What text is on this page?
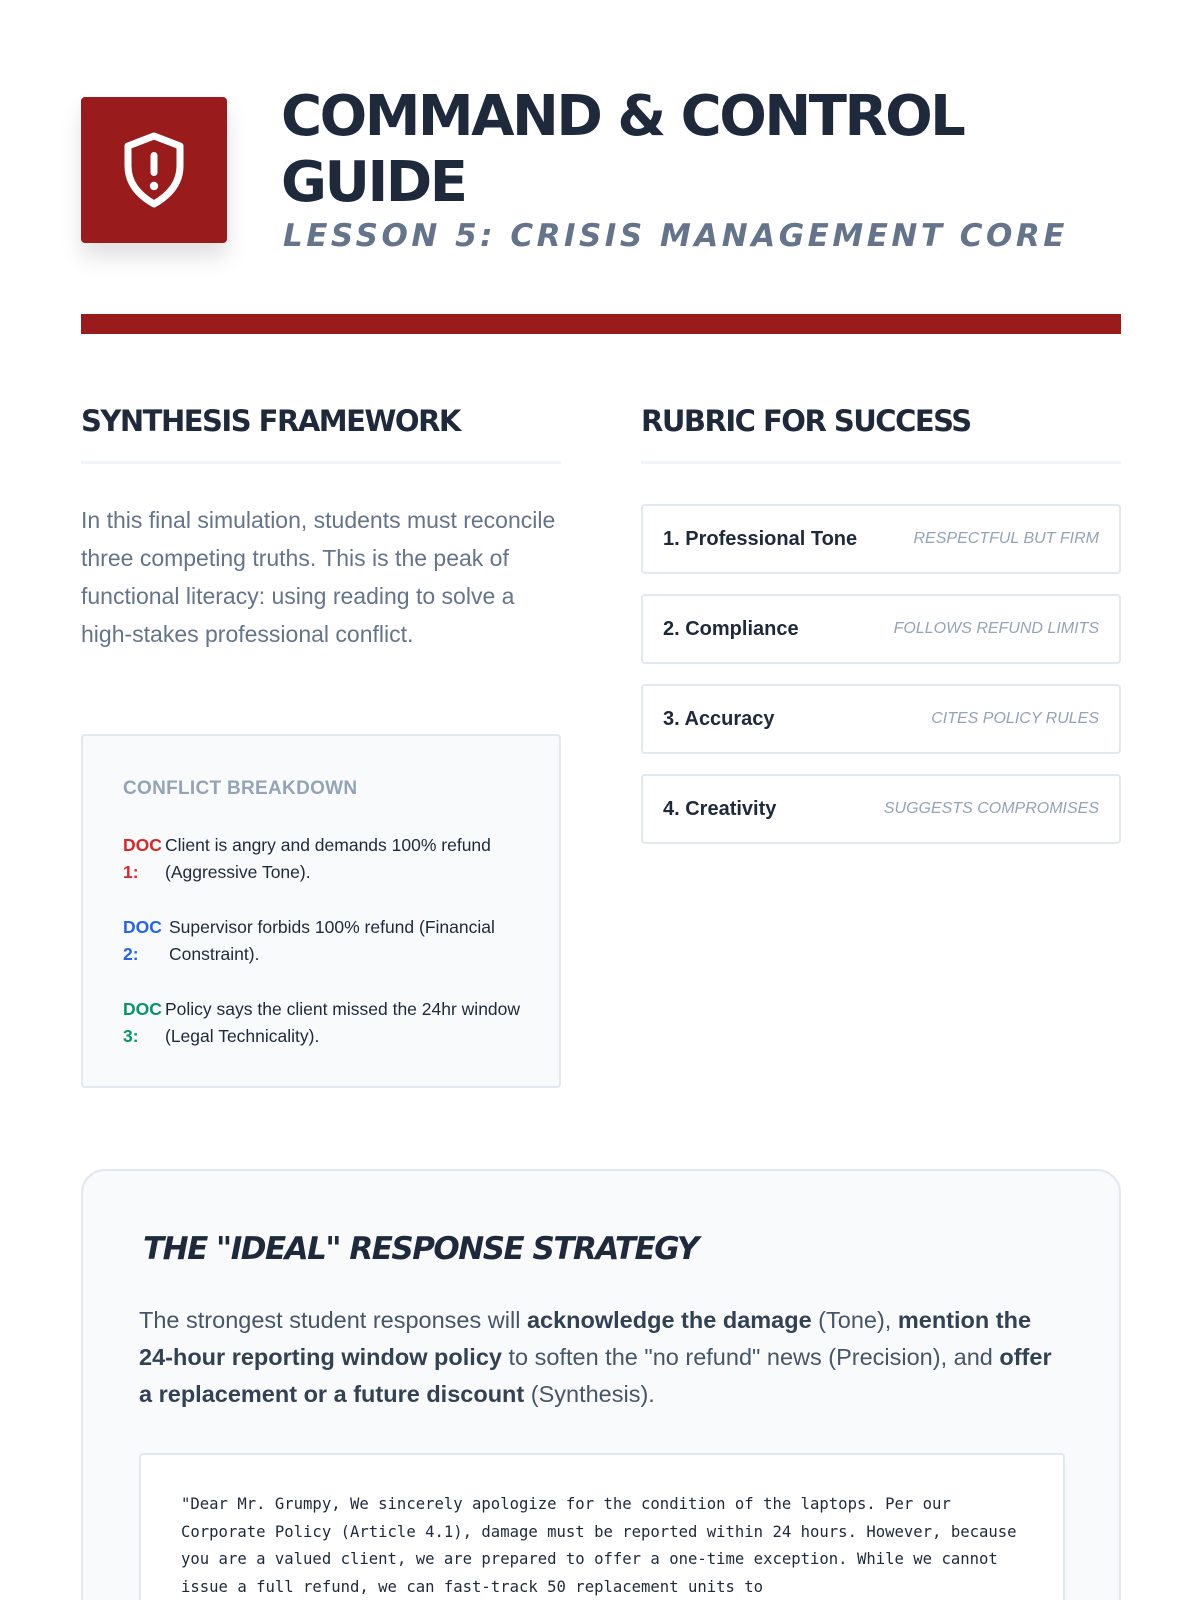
COMMAND & CONTROL
GUIDE
LESSON 5: CRISIS MANAGEMENT CORE
SYNTHESIS FRAMEWORK

In this final simulation, students must reconcile three competing truths. This is the peak of functional literacy: using reading to solve a high-stakes professional conflict.

CONFLICT BREAKDOWN
DOC 1:
Client is angry and demands 100% refund (Aggressive Tone).
DOC 2:
Supervisor forbids 100% refund (Financial Constraint).
DOC 3:
Policy says the client missed the 24hr window (Legal Technicality).
RUBRIC FOR SUCCESS
1. Professional Tone	RESPECTFUL BUT FIRM
2. Compliance	FOLLOWS REFUND LIMITS
3. Accuracy	CITES POLICY RULES
4. Creativity	SUGGESTS COMPROMISES
THE "IDEAL" RESPONSE STRATEGY

The strongest student responses will acknowledge the damage (Tone), mention the 24-hour reporting window policy to soften the "no refund" news (Precision), and offer a replacement or a future discount (Synthesis).

"Dear Mr. Grumpy, We sincerely apologize for the condition of the laptops. Per our Corporate Policy (Article 4.1), damage must be reported within 24 hours. However, because you are a valued client, we are prepared to offer a one-time exception. While we cannot issue a full refund, we can fast-track 50 replacement units to
